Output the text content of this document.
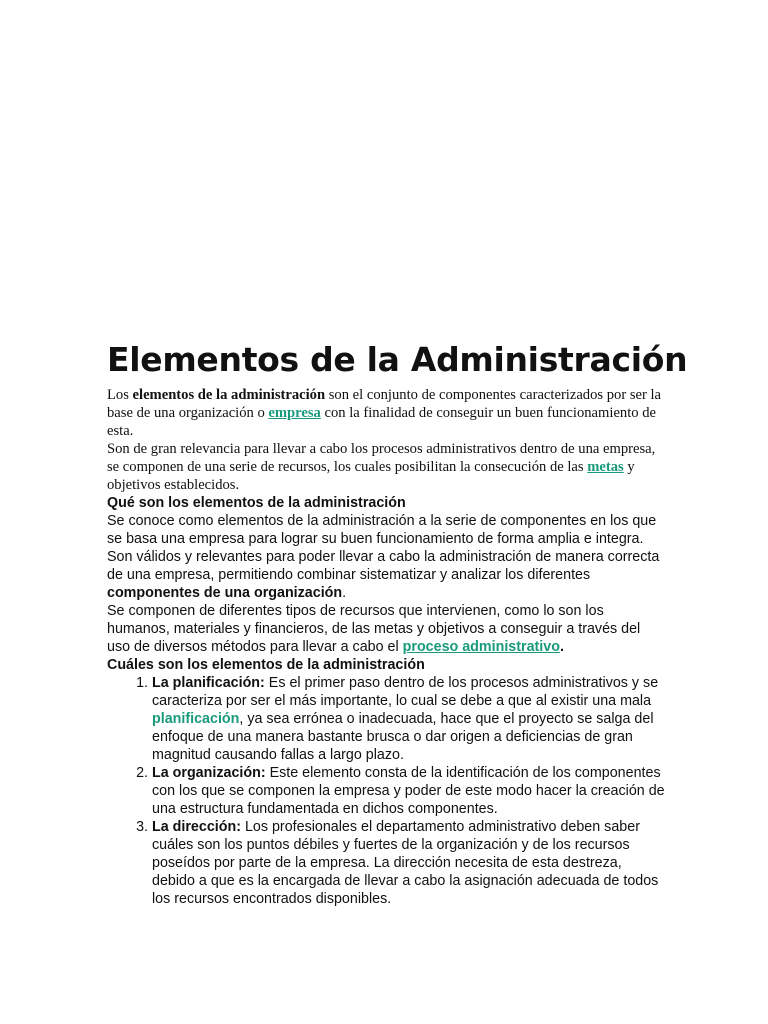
Elementos de la Administración

Los elementos de la administración son el conjunto de componentes caracterizados por ser la base de una organización o empresa con la finalidad de conseguir un buen funcionamiento de esta.

Son de gran relevancia para llevar a cabo los procesos administrativos dentro de una empresa, se componen de una serie de recursos, los cuales posibilitan la consecución de las metas y objetivos establecidos.

Qué son los elementos de la administración

Se conoce como elementos de la administración a la serie de componentes en los que se basa una empresa para lograr su buen funcionamiento de forma amplia e integra. Son válidos y relevantes para poder llevar a cabo la administración de manera correcta de una empresa, permitiendo combinar sistematizar y analizar los diferentes componentes de una organización.

Se componen de diferentes tipos de recursos que intervienen, como lo son los humanos, materiales y financieros, de las metas y objetivos a conseguir a través del uso de diversos métodos para llevar a cabo el proceso administrativo.

Cuáles son los elementos de la administración

1. La planificación: Es el primer paso dentro de los procesos administrativos y se caracteriza por ser el más importante, lo cual se debe a que al existir una mala planificación, ya sea errónea o inadecuada, hace que el proyecto se salga del enfoque de una manera bastante brusca o dar origen a deficiencias de gran magnitud causando fallas a largo plazo.
2. La organización: Este elemento consta de la identificación de los componentes con los que se componen la empresa y poder de este modo hacer la creación de una estructura fundamentada en dichos componentes.
3. La dirección: Los profesionales el departamento administrativo deben saber cuáles son los puntos débiles y fuertes de la organización y de los recursos poseídos por parte de la empresa. La dirección necesita de esta destreza, debido a que es la encargada de llevar a cabo la asignación adecuada de todos los recursos encontrados disponibles.
